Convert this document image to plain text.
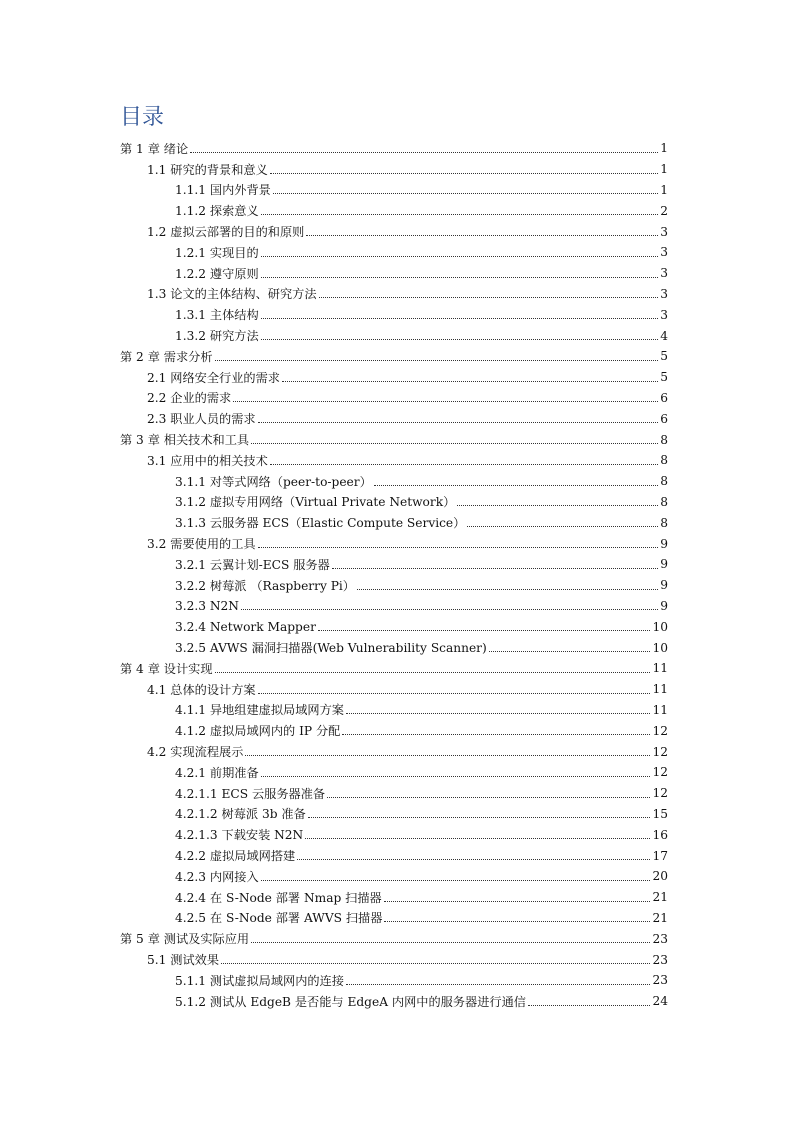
目录
第 1 章 绪论	1
1.1 研究的背景和意义	1
1.1.1 国内外背景	1
1.1.2 探索意义	2
1.2 虚拟云部署的目的和原则	3
1.2.1 实现目的	3
1.2.2 遵守原则	3
1.3 论文的主体结构、研究方法	3
1.3.1 主体结构	3
1.3.2 研究方法	4
第 2 章 需求分析	5
2.1 网络安全行业的需求	5
2.2 企业的需求	6
2.3 职业人员的需求	6
第 3 章 相关技术和工具	8
3.1 应用中的相关技术	8
3.1.1 对等式网络（peer-to-peer）	8
3.1.2 虚拟专用网络（Virtual Private Network）	8
3.1.3 云服务器 ECS（Elastic Compute Service）	8
3.2 需要使用的工具	9
3.2.1 云翼计划-ECS 服务器	9
3.2.2 树莓派 （Raspberry Pi）	9
3.2.3 N2N	9
3.2.4 Network Mapper	10
3.2.5 AVWS 漏洞扫描器(Web Vulnerability Scanner)	10
第 4 章 设计实现	11
4.1 总体的设计方案	11
4.1.1 异地组建虚拟局域网方案	11
4.1.2 虚拟局域网内的 IP 分配	12
4.2 实现流程展示	12
4.2.1 前期准备	12
4.2.1.1 ECS 云服务器准备	12
4.2.1.2 树莓派 3b 准备	15
4.2.1.3 下载安装 N2N	16
4.2.2 虚拟局域网搭建	17
4.2.3 内网接入	20
4.2.4 在 S-Node 部署 Nmap 扫描器	21
4.2.5 在 S-Node 部署 AWVS 扫描器	21
第 5 章 测试及实际应用	23
5.1 测试效果	23
5.1.1 测试虚拟局域网内的连接	23
5.1.2 测试从 EdgeB 是否能与 EdgeA 内网中的服务器进行通信	24
